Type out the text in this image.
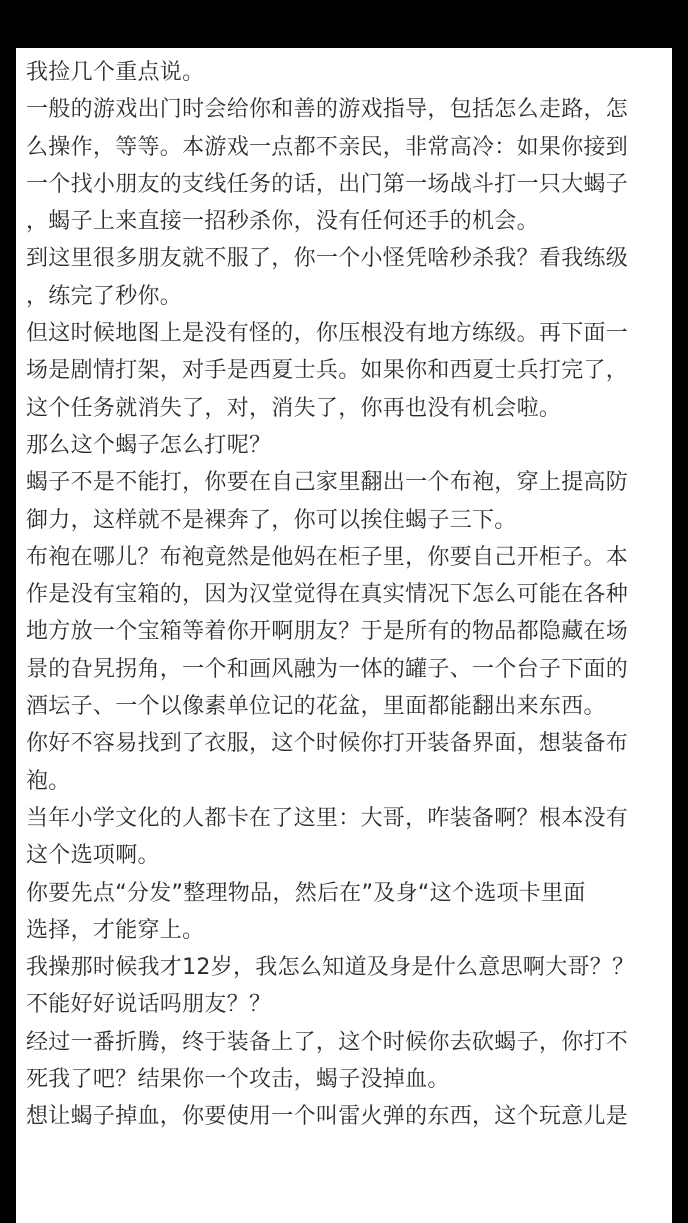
我捡几个重点说。

一般的游戏出门时会给你和善的游戏指导，包括怎么走路，怎
么操作，等等。本游戏一点都不亲民，非常高冷：如果你接到
一个找小朋友的支线任务的话，出门第一场战斗打一只大蝎子
，蝎子上来直接一招秒杀你，没有任何还手的机会。

到这里很多朋友就不服了，你一个小怪凭啥秒杀我？看我练级
，练完了秒你。

但这时候地图上是没有怪的，你压根没有地方练级。再下面一
场是剧情打架，对手是西夏士兵。如果你和西夏士兵打完了，
这个任务就消失了，对，消失了，你再也没有机会啦。

那么这个蝎子怎么打呢？

蝎子不是不能打，你要在自己家里翻出一个布袍，穿上提高防
御力，这样就不是裸奔了，你可以挨住蝎子三下。

布袍在哪儿？布袍竟然是他妈在柜子里，你要自己开柜子。本
作是没有宝箱的，因为汉堂觉得在真实情况下怎么可能在各种
地方放一个宝箱等着你开啊朋友？于是所有的物品都隐藏在场
景的旮旯拐角，一个和画风融为一体的罐子、一个台子下面的
酒坛子、一个以像素单位记的花盆，里面都能翻出来东西。

你好不容易找到了衣服，这个时候你打开装备界面，想装备布
袍。

当年小学文化的人都卡在了这里：大哥，咋装备啊？根本没有
这个选项啊。

你要先点“分发”整理物品，然后在”及身“这个选项卡里面
选择，才能穿上。

我操那时候我才12岁，我怎么知道及身是什么意思啊大哥？？
不能好好说话吗朋友？？

经过一番折腾，终于装备上了，这个时候你去砍蝎子，你打不
死我了吧？结果你一个攻击，蝎子没掉血。

想让蝎子掉血，你要使用一个叫雷火弹的东西，这个玩意儿是
